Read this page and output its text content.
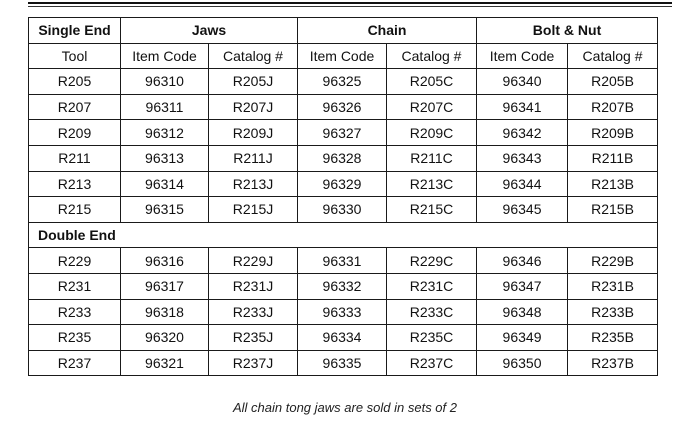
Single End	Jaws		Chain		Bolt & Nut	
Tool	Item Code	Catalog #	Item Code	Catalog #	Item Code	Catalog #
R205	96310	R205J	96325	R205C	96340	R205B
R207	96311	R207J	96326	R207C	96341	R207B
R209	96312	R209J	96327	R209C	96342	R209B
R211	96313	R211J	96328	R211C	96343	R211B
R213	96314	R213J	96329	R213C	96344	R213B
R215	96315	R215J	96330	R215C	96345	R215B
Double End						
R229	96316	R229J	96331	R229C	96346	R229B
R231	96317	R231J	96332	R231C	96347	R231B
R233	96318	R233J	96333	R233C	96348	R233B
R235	96320	R235J	96334	R235C	96349	R235B
R237	96321	R237J	96335	R237C	96350	R237B
All chain tong jaws are sold in sets of 2
